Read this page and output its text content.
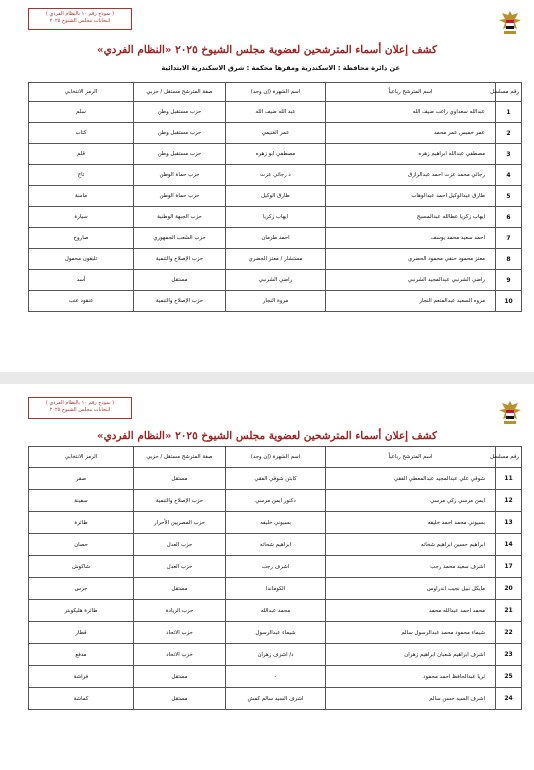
( نموذج رقم ١٠ بالنظام الفردي )
انتخابات مجلس الشيوخ ٢٠٢٥
كشف إعلان أسماء المترشحين لعضوية مجلس الشيوخ ٢٠٢٥ «النظام الفردي»
عن دائرة محافظة : الاسكندرية ومقرها محكمة : شرق الاسكندرية الابتدائية
رقم مسلسل	اسم المترشح رباعياً	اسم الشهرة (إن وجد)	صفة المترشح مستقل / حزبي	الرمز الانتخابي
1	عبدالله سعداوي راغب ضيف الله	عبد الله ضيف الله	حزب مستقبل وطن	سلم
2	عمر خميس عمر محمد	عمر الغنيمي	حزب مستقبل وطن	كتاب
3	مصطفي عبدالله ابراهيم زهره	مصطفي ابو زهره	حزب مستقبل وطن	قلم
4	رجائي محمد عزت احمد عبدالرازق	د رجائي عزت	حزب حماة الوطن	تاج
5	طارق عبدالوكيل احمد عبدالوهاب	طارق الوكيل	حزب حماة الوطن	ماسة
6	ايهاب زكريا عطالله عبدالمسيح	ايهاب زكريا	حزب الجبهة الوطنية	سيارة
7	احمد سعيد محمد يوسف	احمد طرمان	حزب الشعب الجمهوري	صاروخ
8	معتز محمود حنفي محمود الحضري	مستشار / معتز الحضري	حزب الإصلاح والتنمية	تليفون محمول
9	راضي الشرنبي عبدالمجيد الشرنبي	راضي الشرنبي	مستقل	أسد
10	مروه السعيد عبدالمنعم النجار	مروة النجار	حزب الإصلاح والتنمية	عنقود عنب
( نموذج رقم ١٠ بالنظام الفردي )
انتخابات مجلس الشيوخ ٢٠٢٥
كشف إعلان أسماء المترشحين لعضوية مجلس الشيوخ ٢٠٢٥ «النظام الفردي»
رقم مسلسل	اسم المترشح رباعياً	اسم الشهرة (إن وجد)	صفة المترشح مستقل / حزبي	الرمز الانتخابي
11	شوقي علي عبدالمجيد عبدالمعطي الفقي	كابتن شوقي الفقي	مستقل	صقر
12	ايمن مرسي زكي مرسي	دكتور ايمن مرسي	حزب الإصلاح والتنمية	سفينة
13	بسيوني محمد احمد خليفه	بسيوني خليفه	حزب المصريين الأحرار	طائرة
14	ابراهيم حسين ابراهيم شحاته	ابراهيم شحاته	حزب العدل	حصان
17	اشرف سعيد محمد رجب	اشرف رجب	حزب العدل	شاكوش
20	مايكل نبيل نجيب اندراوس	الكوماندا	مستقل	جرس
21	محمد احمد عبدالله محمد	محمد عبدالله	حزب الريادة	طائرة هليكوبتر
22	شيماء محمود محمد عبدالرسول سالم	شيماء عبدالرسول	حزب الاتحاد	قطار
23	اشرف ابراهيم شعبان ابراهيم زهران	د/ اشرف زهران	حزب الاتحاد	مدفع
25	ثريا عبدالحافظ احمد محمود	-	مستقل	فراشة
24	اشرف السيد حسن سالم	اشرف السيد سالم كمش	مستقل	كماشة
